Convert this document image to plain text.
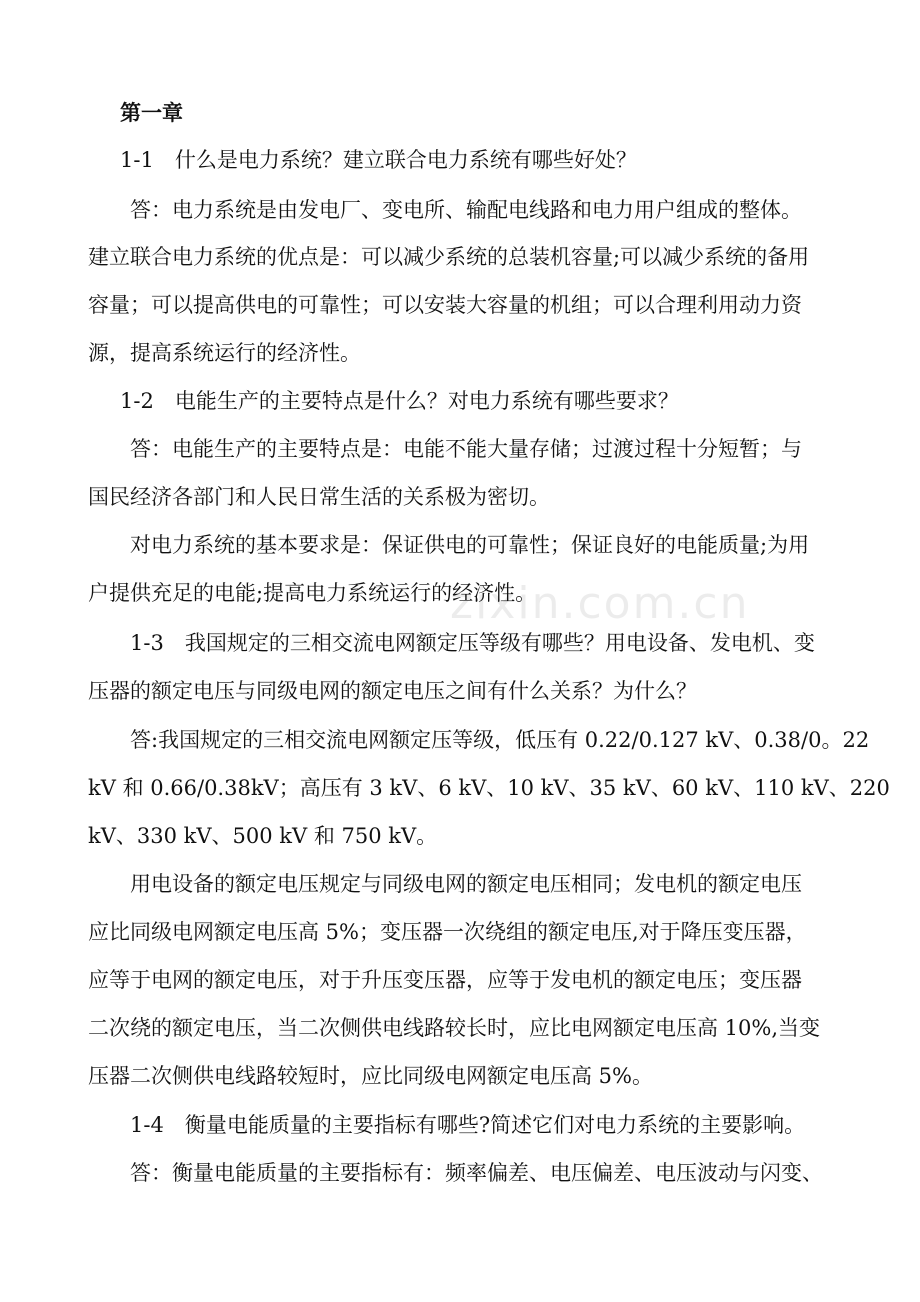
第一章
1-1　什么是电力系统？建立联合电力系统有哪些好处？
答：电力系统是由发电厂、变电所、输配电线路和电力用户组成的整体。
建立联合电力系统的优点是：可以减少系统的总装机容量;可以减少系统的备用
容量；可以提高供电的可靠性；可以安装大容量的机组；可以合理利用动力资
源，提高系统运行的经济性。
1-2　电能生产的主要特点是什么？对电力系统有哪些要求？
答：电能生产的主要特点是：电能不能大量存储；过渡过程十分短暂；与
国民经济各部门和人民日常生活的关系极为密切。
对电力系统的基本要求是：保证供电的可靠性；保证良好的电能质量;为用
户提供充足的电能;提高电力系统运行的经济性。
1-3　我国规定的三相交流电网额定压等级有哪些？用电设备、发电机、变
压器的额定电压与同级电网的额定电压之间有什么关系？为什么？
答:我国规定的三相交流电网额定压等级，低压有 0.22/0.127 kV、0.38/0。22
kV 和 0.66/0.38kV；高压有 3 kV、6 kV、10 kV、35 kV、60 kV、110 kV、220
kV、330 kV、500 kV 和 750 kV。
用电设备的额定电压规定与同级电网的额定电压相同；发电机的额定电压
应比同级电网额定电压高 5%；变压器一次绕组的额定电压,对于降压变压器，
应等于电网的额定电压，对于升压变压器，应等于发电机的额定电压；变压器
二次绕的额定电压，当二次侧供电线路较长时，应比电网额定电压高 10%,当变
压器二次侧供电线路较短时，应比同级电网额定电压高 5%。
1-4　衡量电能质量的主要指标有哪些?简述它们对电力系统的主要影响。
答：衡量电能质量的主要指标有：频率偏差、电压偏差、电压波动与闪变、
zixin.com.cn
